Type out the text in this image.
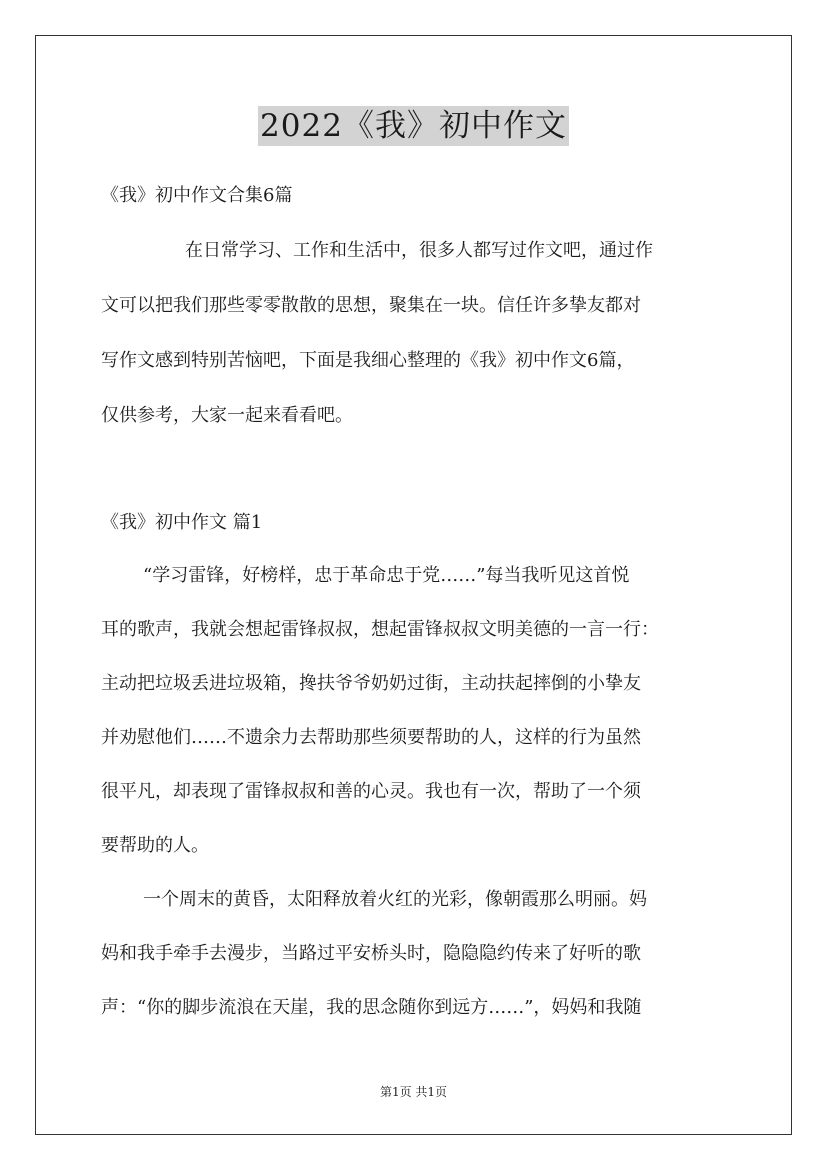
2022《我》初中作文
《我》初中作文合集6篇
在日常学习、工作和生活中，很多人都写过作文吧，通过作
文可以把我们那些零零散散的思想，聚集在一块。信任许多挚友都对
写作文感到特别苦恼吧，下面是我细心整理的《我》初中作文6篇，
仅供参考，大家一起来看看吧。
《我》初中作文 篇1
“学习雷锋，好榜样，忠于革命忠于党……”每当我听见这首悦
耳的歌声，我就会想起雷锋叔叔，想起雷锋叔叔文明美德的一言一行：
主动把垃圾丢进垃圾箱，搀扶爷爷奶奶过街，主动扶起摔倒的小挚友
并劝慰他们……不遗余力去帮助那些须要帮助的人，这样的行为虽然
很平凡，却表现了雷锋叔叔和善的心灵。我也有一次，帮助了一个须
要帮助的人。
一个周末的黄昏，太阳释放着火红的光彩，像朝霞那么明丽。妈
妈和我手牵手去漫步，当路过平安桥头时，隐隐隐约传来了好听的歌
声：“你的脚步流浪在天崖，我的思念随你到远方……”，妈妈和我随
第1页 共1页
